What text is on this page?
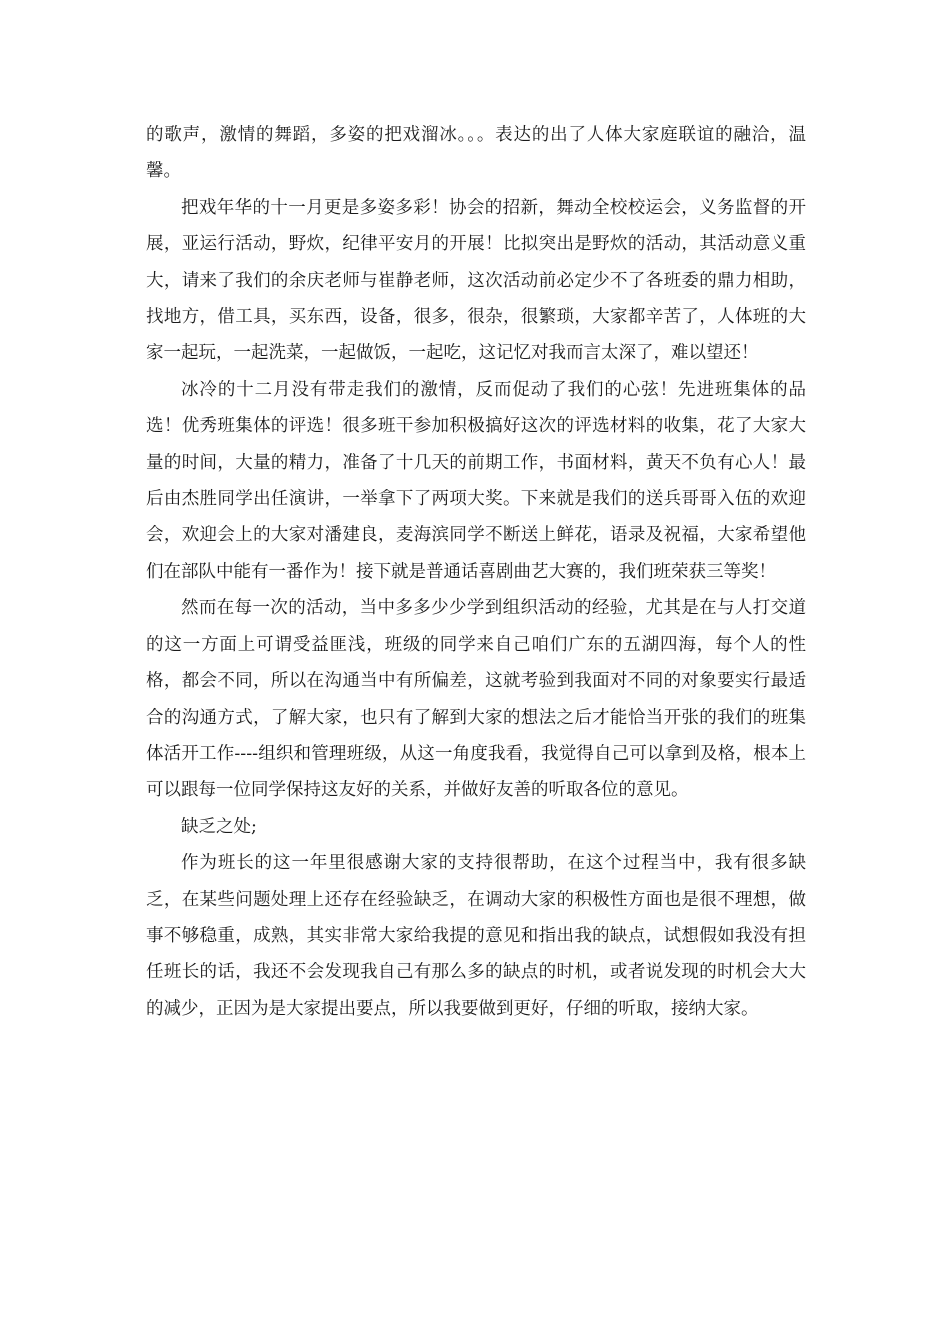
的歌声，激情的舞蹈，多姿的把戏溜冰。。。表达的出了人体大家庭联谊的融洽，温馨。

把戏年华的十一月更是多姿多彩！协会的招新，舞动全校校运会，义务监督的开展，亚运行活动，野炊，纪律平安月的开展！比拟突出是野炊的活动，其活动意义重大，请来了我们的余庆老师与崔静老师，这次活动前必定少不了各班委的鼎力相助，找地方，借工具，买东西，设备，很多，很杂，很繁琐，大家都辛苦了，人体班的大家一起玩，一起洗菜，一起做饭，一起吃，这记忆对我而言太深了，难以望还！

冰冷的十二月没有带走我们的激情，反而促动了我们的心弦！先进班集体的品选！优秀班集体的评选！很多班干参加积极搞好这次的评选材料的收集，花了大家大量的时间，大量的精力，准备了十几天的前期工作，书面材料，黄天不负有心人！最后由杰胜同学出任演讲，一举拿下了两项大奖。下来就是我们的送兵哥哥入伍的欢迎会，欢迎会上的大家对潘建良，麦海滨同学不断送上鲜花，语录及祝福，大家希望他们在部队中能有一番作为！接下就是普通话喜剧曲艺大赛的，我们班荣获三等奖！

然而在每一次的活动，当中多多少少学到组织活动的经验，尤其是在与人打交道的这一方面上可谓受益匪浅，班级的同学来自己咱们广东的五湖四海，每个人的性格，都会不同，所以在沟通当中有所偏差，这就考验到我面对不同的对象要实行最适合的沟通方式，了解大家，也只有了解到大家的想法之后才能恰当开张的我们的班集体活开工作----组织和管理班级，从这一角度我看，我觉得自己可以拿到及格，根本上可以跟每一位同学保持这友好的关系，并做好友善的听取各位的意见。

缺乏之处;

作为班长的这一年里很感谢大家的支持很帮助，在这个过程当中，我有很多缺乏，在某些问题处理上还存在经验缺乏，在调动大家的积极性方面也是很不理想，做事不够稳重，成熟，其实非常大家给我提的意见和指出我的缺点，试想假如我没有担任班长的话，我还不会发现我自己有那么多的缺点的时机，或者说发现的时机会大大的减少，正因为是大家提出要点，所以我要做到更好，仔细的听取，接纳大家。
